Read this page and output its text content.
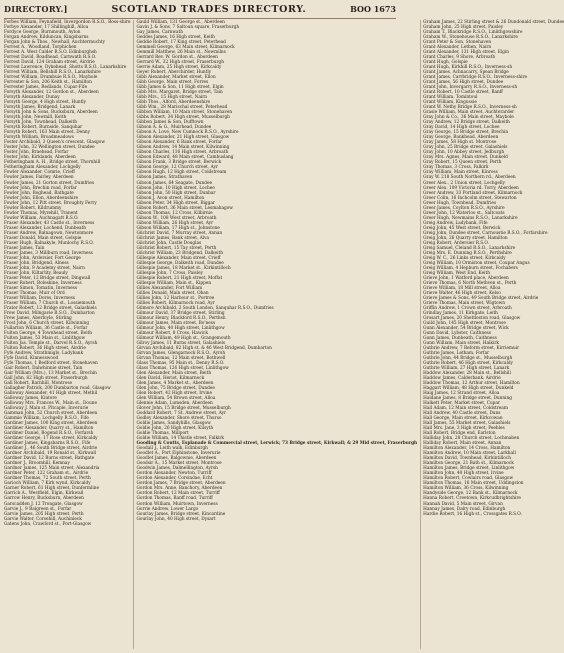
DIRECTORY.]	SCOTLAND TRADES DIRECTORY.	BOO 1673
Forbes William, Feynafield, Invergordon R.S.O., Ross-shire
Forbye Alexander, 17 Shillinghill, Alloa
Fordyce George, Burnmouth, Ayton
Forgan Andrew, Kilduncan, Kingsbarns
Forgan John & Thos., Newhall, Auchtermuchty
Forrest A., Woodland, Torphichen
Forrest A. West Calder R.S.O. Edinburghsh
Forrest David, Roadhead, Carnwath R.S.O.
Forrest David, 124 Graham street, Airdrie
Forrest Lawrence, Dykehead, Shotts R.S.O., Lanarkshire
Forrest William, Bellshill R.S.O., Lanarkshire
Forrest William, Drumbuie R.S.O., Maybole
Forrester & Son, 206 Keith st., Hamilton
Forrester James, Redlands, Cupar-Fife
Forsyth Alexander, 12 Gordon st., Aberdeen
Forsyth Alexander, Dunay
Forsyth George, 4 High street, Huntly
Forsyth James, Bridgend, Lanark
Forsyth John & Sons, Bucksburn, Aberdeen
Forsyth John, Newmill, Keith
Forsyth John, Townhead, Dalkeith
Forsyth Robert, Burnside, Sanquhar
Forsyth Robert, 163 Main street, Denny
Forsyth William, Broadmeadows
Foster Archibald, 3 Queen's crescent, Glasgow
Foster John, 32 Wellington street, Dundee
Foster John, Braehead, Forfar
Foster John, Kirklands, Aberdeen
Fotheringham A. H., Bridge street, Thornhill
Fotheringham Alexander, Lochgelly
Fowler Alexander, Comrie, Crieff
Fowler James, Fairley, Aberdeen
Fowler James, 21 Gorton street, Dumfries
Fowler John, Brechin road, Forfar
Fowler John, Boghead, Bathgate
Fowler John, Ellon, Aberdeenshire
Fowler John, 12 Pitt street, Broughty Ferry
Fowler Robert, Kildrummy
Fowler Thomas, Myrehill, Tranent
Fowler William, Auchnagatt R.S.O.
Fraser Alexander, 43 Castle st., Inverness
Fraser Alexander, Lochend, Dunbeath
Fraser Andrew, Balnagown, Newtonmore
Fraser Donald, Main street, Golspie
Fraser Hugh, Balnakyle, Munlochy R.S.O.
Fraser James, Tain
Fraser James, 3 Millburn road, Inverness
Fraser John, Ardersier, Fort George
Fraser John, Bridgend, Alness
Fraser John, 9 Academy street, Nairn
Fraser John, Kiltarlity, Beauly
Fraser Peter, 12 Bridge street, Dingwall
Fraser Robert, Boleskine, Inverness
Fraser Simon, Tomatin, Inverness
Fraser Thomas, Muir of Ord
Fraser William, Dores, Inverness
Fraser William, 7 Church st., Lossiemouth
Frater Robert, 12 Bridge street, Galashiels
Frew David, Milngavie R.S.O., Dumbarton
Frew James, Aberfoyle, Stirling
Frost John, 6 Church street, Kilwinning
Fullarton William, 36 Castle st., Forfar
Fulton George, 4 Townhead street, Beith
Fulton James, 53 Main st., Linlithgow
Fulton Jas. Temple st., Darvel R.S.O., Ayrsh
Fulton Robert, 36 High street, Airdrie
Fyfe Andrew, Strathmiglo, Ladybank
Fyfe David, Kinnesswood
Fyfe Thomas, 1 Bedford street, Stonehaven
Gair Robert, Dalwhinnie street, Tain
Gair William (Mrs.), 13 Market st., Brechin
Gall John, 82 High street, Fraserburgh
Gall Robert, Barnhill, Montrose
Gallagher Patrick, 200 Dumbarton road, Glasgow
Galloway Alexander, 41 High street, Methil
Galloway James, Kintore
Galloway Mrs. Frances W., Main st., Doune
Galloway J. Main st. Pitcaple, Inverurie
Gamman John, 52 Church street, Aberdeen
Gammie William, Lochgelly R.S.O., Fife
Gardiner James, 100 King street, Aberdeen
Gardiner Alexander, Quarry st., Hamilton
Gardiner Daniel, Bogend R.S.O., Forfarsh
Gardiner George, 17 Rose street, Kirkcaldy
Gardiner James, Kingsbarns R.S.O., Fife
Gardiner J., 46 South Bridge street, Airdrie
Gardner Archibald, 19 Ronald st., Kirkwall
Gardner David, 12 Burns street, Bathgate
Gardner J., Broomhill, Kemnay
Gardner James, 125 Main street, Alexandria
Gardner Peter, 122 Graham st., Airdrie
Gardner Thomas, 72 South street, Perth
Garioch William, 7 Kirk wynd, Kirkcaldy
Garner Robert, 61 High street, Dunfermline
Garrick A., Westfield, Elgin, Kirkwall
Garrow Henry, Bucksburn, Aberdeen
Garscadden J. 12 Trongate, Glasgow
Garvie J., 9 Balgreen st., Forfar
Garvie James, 205 High street, Perth
Garvie Walter, Corsehill, Auchinleck
Gatens John, Crawford st., Port-Glasgow
Gauld William, 131 George st., Aberdeen
Gavin J. & Sons, 7 Saltoun square, Fraserburgh
Gay James, Carnwath
Geddes James, 16 High street, Keith
Geddie Robert, 17 King street, Peterhead
Gemmell George, 63 Main street, Kilmarnock
Gemmill Matthew, 26 Main st., Newmilns
Gerrard Rev. W. Gordon st., Aberdeen
Gerrard W., 32 High street, Fraserburgh
Gerrie Adam, 25 High street, Kirkcaldy
Geyer Robert, Aberchirder, Huntly
Gibb Alexander, Market street, Ellon
Gibb George, Main street, Forres
Gibb James & Son, 11 High street, Elgin
Gibb Mrs. Margaret, Bridge street, Tain
Gibb Mrs., 15 High street, Nairn
Gibb Thos., Alford, Aberdeenshire
Gibb Wm., 28 Marischal street, Peterhead
Gibbon William, 10 Main street, Stonehaven
Gibbs Robert, 34 High street, Musselburgh
Gibbon James & Son, Dufftown
Gibson A. & G., Muirhead, Dundee
Gibson A. Love, New Cumnock R.S.O., Ayrshire
Gibson Alexander, 21 High street, Glasgow
Gibson Alexander, 6 Bank street, Forfar
Gibson Andrew, 14 Main street, Kilwinning
Gibson Charles, 116 High street, Arbroath
Gibson Edward, 48 Main street, Cambuslang
Gibson Frank, 3 Bridge street, Berwick
Gibson George, 12 Church street, Ayr
Gibson Hugh, 12 High street, Coldstream
Gibson James, Strathaven
Gibson James, 64 Seagate, Dundee
Gibson John, 10 High street, Lochee
Gibson John, 50 High street, Dunbar
Gibson J. Avon street, Hamilton
Gibson Peter, 34 High street, Biggar
Gibson Robert, 36 Main street, Lesmahagow
Gibson Thomas, 12 Cross, Kilbirnie
Gibson W., 108 West street, Arbroath
Gibson William, 26 High street, Ayr
Gibson William, 17 High st., Johnstone
Gilchrist David, 7 Murray street, Annan
Gilchrist James, Bank street, Alva
Gilchrist John, Castle Douglas
Gilchrist Robert, 15 Tay street, Perth
Gilchrist William, 23 Bridgend, Dalkeith
Gillespie Alexander, Main street, Crieff
Gillespie George, Dalkeith road, Dundee
Gillespie James, 18 Market st., Kirkintilloch
Gillespie John, 7 Cross, Paisley
Gillespie Robert, 21 High street, Moffat
Gillespie William, Main st., Kippen
Gillies Alexander, Fort William
Gillies Donald, Main street, Oban
Gillies John, 12 Harbour st., Portree
Gillies Robert, Kilmarnock road, Ayr
Gilmore Archibald, 2 South London, Sanquhar R.S.O., Dumfries
Gilmour David, 37 Bridge street, Stirling
Gilmour Henry, Blackford R.S.O., Perthsh
Gilmour James, Main street, Bo'ness
Gilmour John, 40 High street, Linlithgow
Gilmour Robert, 8 Cross, Hawick
Gilmour William, 49 High st., Grangemouth
Gilroy James, 11 Burns street, Galashiels
Girvan Archibald, 82 High st. & 46 West Bridgend, Dumbarton
Girvan James, Glengarnock R.S.O., Ayrsh
Girvan Thomas, 12 Main street, Bothwell
Glass Thomas, 95 Main st., Denny R.S.O.
Glass Thomas, 126 High street, Linlithgow
Glen Alexander, Main street, Beith
Glen David, Heriot, Kilmarnock
Glen James, 4 Market st., Aberdeen
Glen John, 75 Bridge street, Dundee
Glen Robert, 42 High street, Irvine
Glen William, 54 Brown street, Alloa
Glennie Adam, Lumsden, Aberdeen
Glover John, 15 Bridge street, Musselburgh
Goddard Robert, 7 St. Andrew street, Ayr
Godley Alexander, Shore street, Thurso
Goldie James, Sandyhills, Glasgow
Goldie John, 26 High street, Kilsyth
Goldie Thomas, Millport
Goldie William, 14 Thistle street, Falkirk
Gooding & Coutts, Esplanade & Commercial street, Lerwick; 73 Bridge street, Kirkwall; & 29 Mid street, Fraserburgh
Goodall J., Leith walk, Edinburgh
Goodlet A., Port Elphinstone, Inverurie
Goodlet James, Balgownie, Aberdeen
Goodsir A., 15 Market street, Montrose
Goodwin James, Dalmellington, Ayrsh
Gordon Alexander, Newton, Turriff
Gordon Alexander, Corsindae, Echt
Gordon James, 7 Bridge street, Aberdeen
Gordon Mrs. Anne, Banchory, Aberdeen
Gordon Robert, 12 Main street, Turriff
Gordon Thomas, Banff road, Turriff
Gordon William, Muirtown, Inverness
Gorrie Andrew, Lower Largo
Gourlay James, Bridge street, Kincardine
Gourlay John, 40 High street, Dysart
Graham James, 22 Stirling street & 26 Dundonald street, Dundee
Graham John, 25 High street, Paisley
Graham T., Blackridge R.S.O., Linlithgowshire
Graham W., Stonehouse R.S.O., Lanarkshire
Grant Peter & Son, Stonehaven
Grant Alexander, Lethen, Nairn
Grant Alexander, 131 High street, Elgin
Grant Charles, 9 Shore, Arbroath
Grant Hugh, Golspie
Grant Hugh, Kirkhill R.S.O., Inverness-sh
Grant James, Achnacarry, Spean Bridge
Grant James, Carrbridge R.S.O., Inverness-shire
Grant James, 56 High street, Dundee
Grant John, Invergarry R.S.O., Inverness-sh
Grant Robert, 10 Castle street, Banff
Grant William, Tomintoul
Grant William, Kingussie
Grant W. Nethy Bridge R.S.O., Inverness-sh
Grasie William, Main street, Auchterarder
Gray John & Co., 36 Main street, Maybole
Gray Andrew, 12 Bridge street, Dalkeith
Gray David, 14 High street, Lochee
Gray George, 15 Bridge street, Brechin
Gray George, Bankhead, Aberdeen
Gray James, 58 High st. Montrose
Gray John, 25 Bridge street, Galashiels
Gray John, 10 Abbey street, Jedburgh
Gray Mrs. Agnes, Main street, Dunkeld
Gray Robert, 15 Queen street, Perth
Gray Thomas, 3 Cross, Falkirk
Gray William, Main street, Kinross
Gray W. 218 South Northern rd., Aberdeen
Greer Alex., 2 Union street, Lochgelly
Greer Alex. 109 Victoria rd. Torry, Aberdeen
Greer Andrew, 33 Portland street, Kilmarnock
Greer Colin, 16 Inchcolm street, Stewarton
Greer Hugh, Townhead, Dumfries
Greer James, Coylton R.S.O., Ayrshire
Greer John, 12 Waterloo st., Saltcoats
Greer Hugh, Newmains R.S.O., Lanarkshire
Greig Andrew, Ladybank, Fife
Greig John, 45 West street, Berwick
Greig John, Dundee street, Carnoustie R.S.O., Forfarshire
Greig John, 26 Quarry street, Hamilton
Greig Robert, Ardersier R.S.O.
Greig Samuel, Cleland R.S.O., Lanarkshire
Greig Mrs. E. Dunning R.S.O., Perthshire
Greig W. C., 26 Links street, Kirkcaldy
Greig William, 10 Ormiston street, Coupar Angus
Greig William, 4 Hepburn street, Fochabers
Greig William, West End, Keith
Grieve John, 1 Watford place, Aberdeen
Grieve Thomas, 6 North Methven st., Perth
Grieve William, 18 Mill street, Alloa
Grieve Walter, 46 High street, Kelso
Grieve James & Sons, 49 South Bridge street, Airdrie
Grieve Thomas, Main street, Wigtown
Griffin Andrew, 1 Crown street, Arbroath
Grindlay James, 11 Kirkgate, Leith
Grosart James, 20 Shettleston road, Glasgow
Guild John, 145 High street, Montrose
Gunn Alexander, 54 Bridge street, Wick
Gunn David, Lybster, Caithness
Gunn James, Dunbeath, Caithness
Gunn William, Main street, Halkirk
Guthrie Andrew, 7 Reform street, Kirriemuir
Guthrie James, Letham, Forfar
Guthrie John, 44 Bridge st., Musselburgh
Guthrie Robert, 46 High street, Kirkcaldy
Guthrie William, 27 High street, Lanark
Haddow Alexander, 28 Main st., Bellshill
Haddow James, Calderbank, Airdrie
Haddow Thomas, 12 Arthur street, Hamilton
Haggart William, 48 High street, Dunkeld
Haig James, 12 Strand street, Alloa
Haldane James, 8 Bridge street, Dunning
Halkett Peter, Market street, Cupar
Hall Adam, 12 Main street, Coldstream
Hall Andrew, 40 Castle street, Duns
Hall George, Main street, Kirkcowan
Hall James, 55 Market street, Galashiels
Hall Mrs. Jane, 3 High street, Peebles
Hall Robert, Bridge end, Earlston
Halliday John, 28 Church street, Lochmaben
Halliday Robert, Main street, Annan
Hamilton Alexander, 14 Cross, Hamilton
Hamilton Andrew, 10 Main street, Larkhall
Hamilton David, Townhead, Kirkintilloch
Hamilton George, 21 Bath st., Kilmarnock
Hamilton James, Bridge street, Linlithgow
Hamilton John, 40 High street, Irvine
Hamilton Robert, Cowlairs road, Glasgow
Hamilton Thomas, 16 Main street, Uddingston
Hamilton William, 36 Cross, Kilwinning
Handyside George, 12 Bank st., Kilmarnock
Hanna Robert, Creetown, Kirkcudbrightshire
Hannah David, 5 Main street, Girvan
Hannay James, Dalry road, Edinburgh
Hardie Robert, 16 High st., Crossgates R.S.O.
